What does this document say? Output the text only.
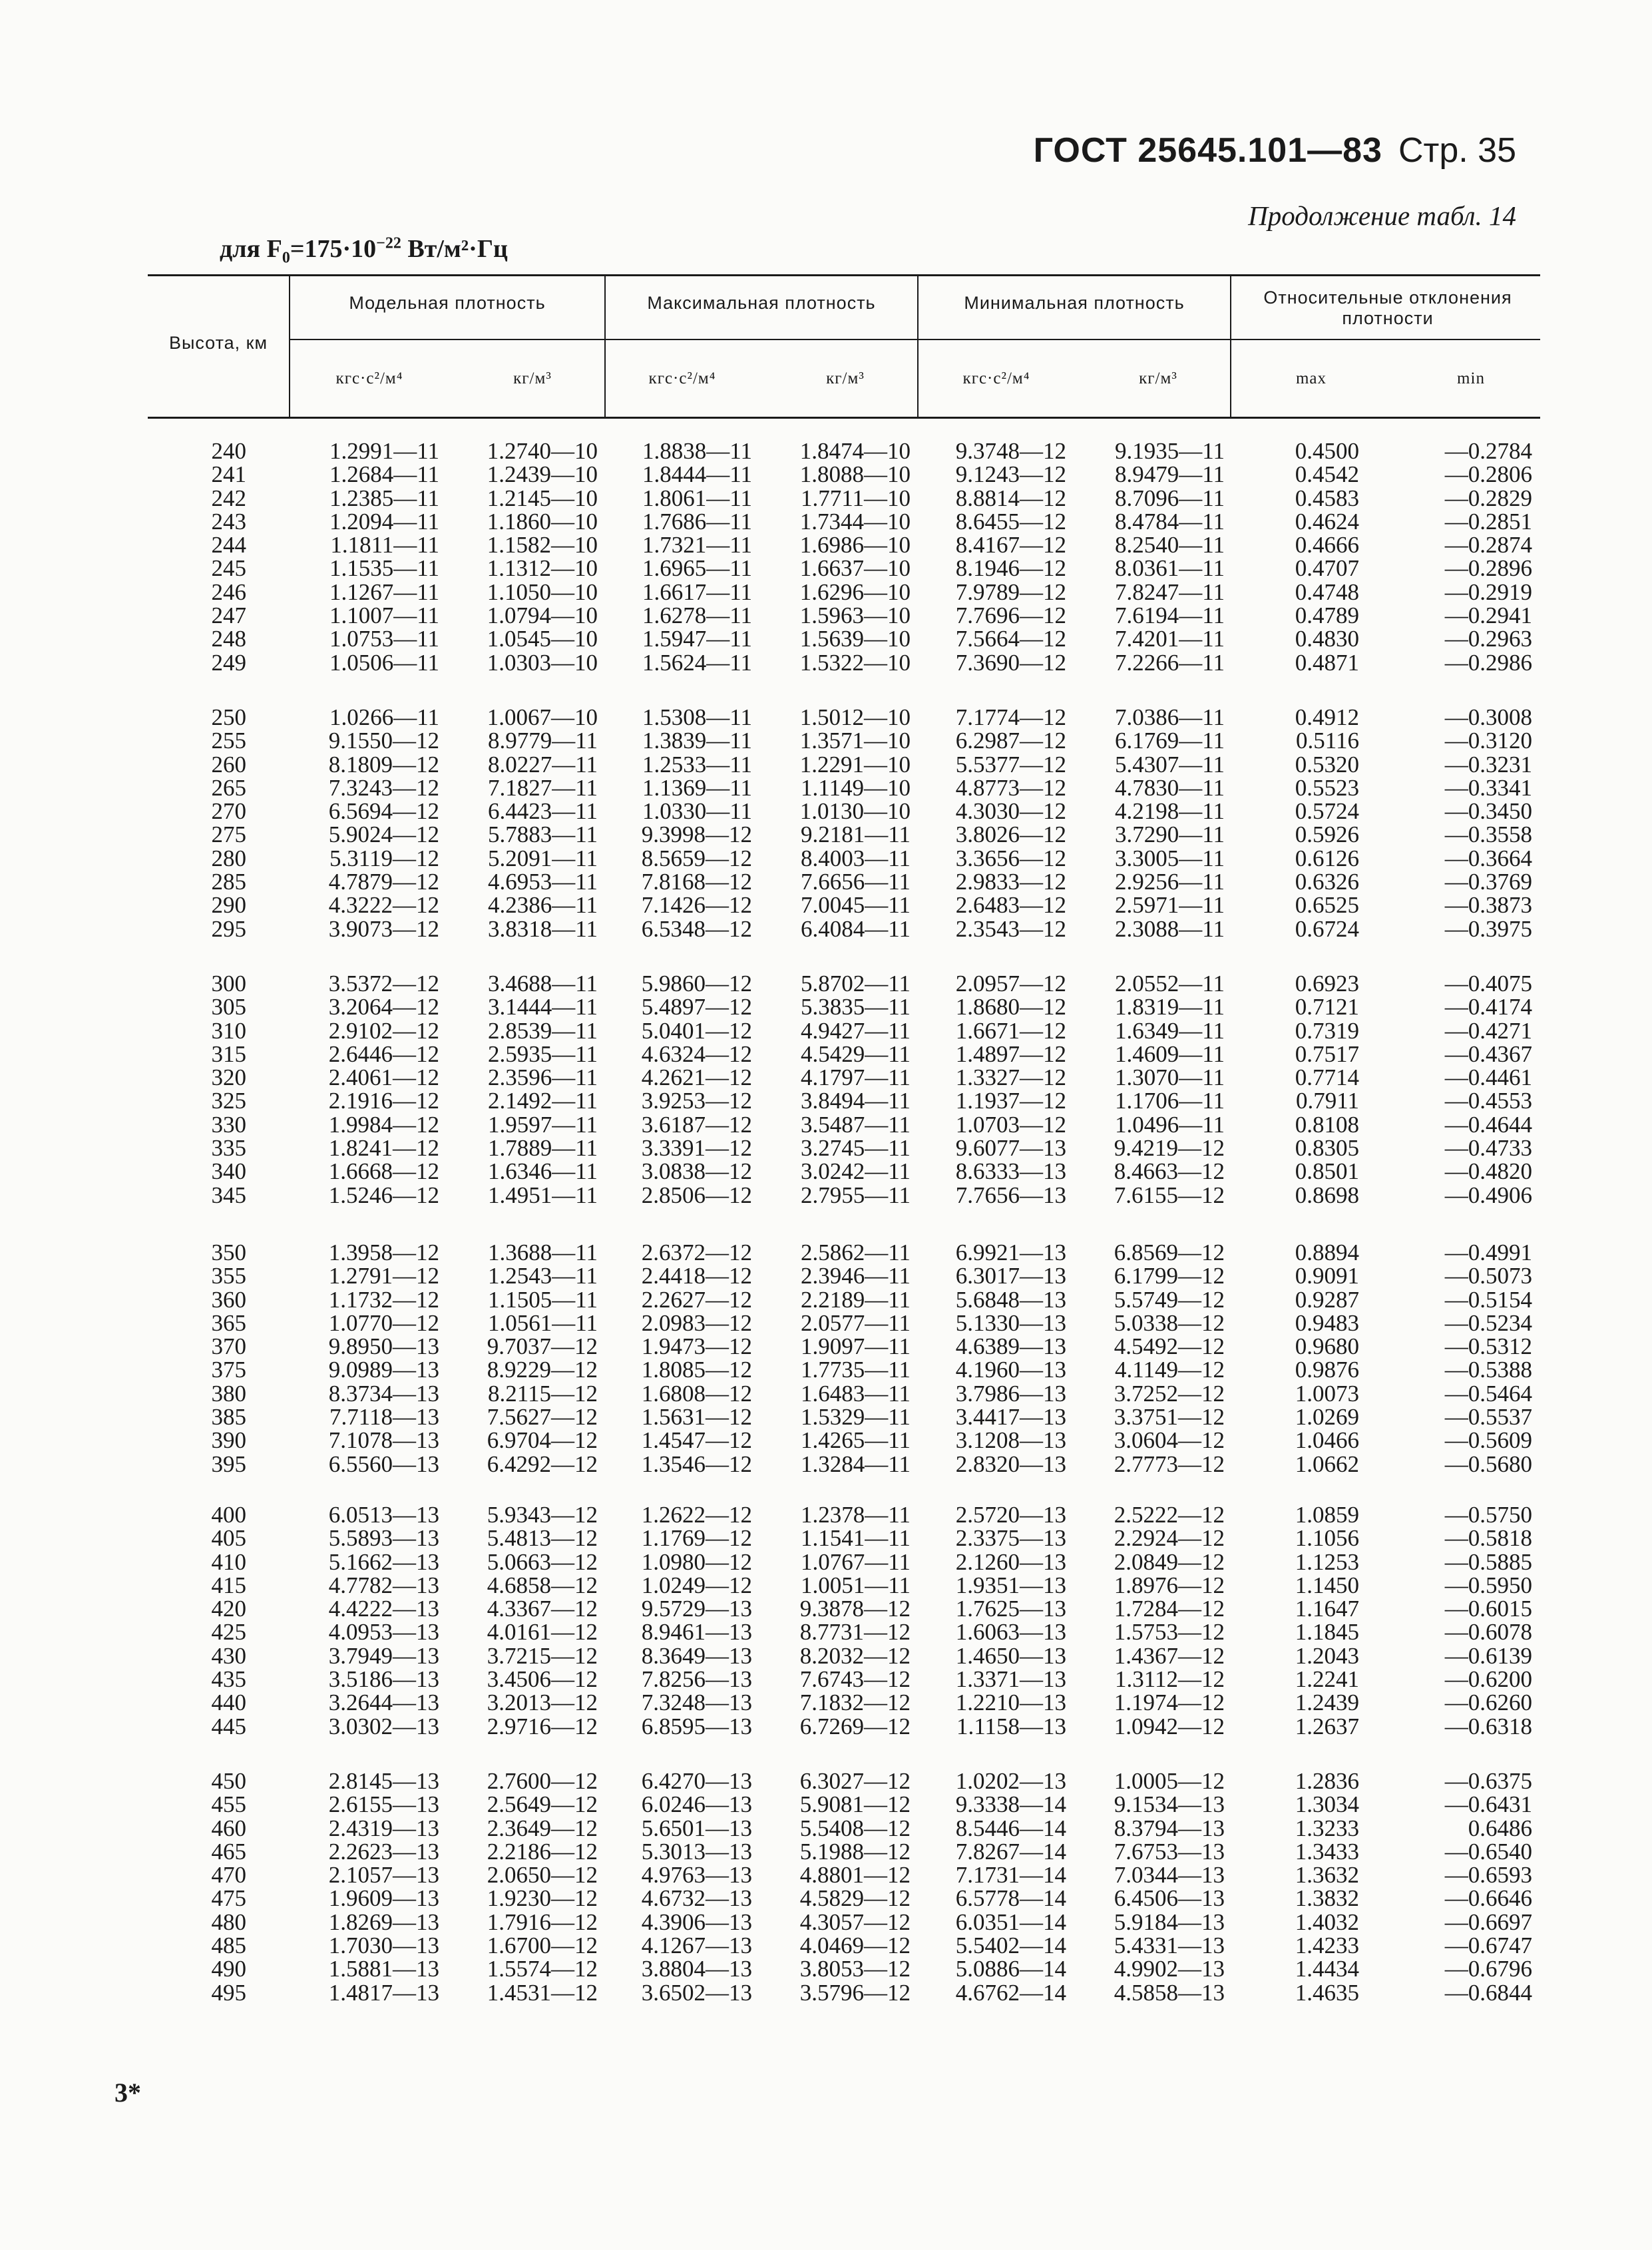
ГОСТ 25645.101—83 Стр. 35
Продолжение табл. 14
для $F_0=175\cdot 10^{-22}$ Вт/м²·Гц
Высота, км
Модельная плотность	Максимальная плотность	Минимальная плотность	Относительные отклонения плотности
кгс·с²/м⁴	кг/м³	кгс·с²/м⁴	кг/м³	кгс·с²/м⁴	кг/м³	max	min
240	1.2991—11 1.2740—10 1.8838—11 1.8474—10 9.3748—12 9.1935—11	0.4500	—0.2784
241	1.2684—11 1.2439—10 1.8444—11 1.8088—10 9.1243—12 8.9479—11	0.4542	—0.2806
242	1.2385—11 1.2145—10 1.8061—11 1.7711—10 8.8814—12 8.7096—11	0.4583	—0.2829
243	1.2094—11 1.1860—10 1.7686—11 1.7344—10 8.6455—12 8.4784—11	0.4624	—0.2851
244	1.1811—11 1.1582—10 1.7321—11 1.6986—10 8.4167—12 8.2540—11	0.4666	—0.2874
245	1.1535—11 1.1312—10 1.6965—11 1.6637—10 8.1946—12 8.0361—11	0.4707	—0.2896
246	1.1267—11 1.1050—10 1.6617—11 1.6296—10 7.9789—12 7.8247—11	0.4748	—0.2919
247	1.1007—11 1.0794—10 1.6278—11 1.5963—10 7.7696—12 7.6194—11	0.4789	—0.2941
248	1.0753—11 1.0545—10 1.5947—11 1.5639—10 7.5664—12 7.4201—11	0.4830	—0.2963
249	1.0506—11 1.0303—10 1.5624—11 1.5322—10 7.3690—12 7.2266—11	0.4871	—0.2986
250	1.0266—11 1.0067—10 1.5308—11 1.5012—10 7.1774—12 7.0386—11	0.4912	—0.3008
255	9.1550—12 8.9779—11 1.3839—11 1.3571—10 6.2987—12 6.1769—11	0.5116	—0.3120
260	8.1809—12 8.0227—11 1.2533—11 1.2291—10 5.5377—12 5.4307—11	0.5320	—0.3231
265	7.3243—12 7.1827—11 1.1369—11 1.1149—10 4.8773—12 4.7830—11	0.5523	—0.3341
270	6.5694—12 6.4423—11 1.0330—11 1.0130—10 4.3030—12 4.2198—11	0.5724	—0.3450
275	5.9024—12 5.7883—11 9.3998—12 9.2181—11 3.8026—12 3.7290—11	0.5926	—0.3558
280	5.3119—12 5.2091—11 8.5659—12 8.4003—11 3.3656—12 3.3005—11	0.6126	—0.3664
285	4.7879—12 4.6953—11 7.8168—12 7.6656—11 2.9833—12 2.9256—11	0.6326	—0.3769
290	4.3222—12 4.2386—11 7.1426—12 7.0045—11 2.6483—12 2.5971—11	0.6525	—0.3873
295	3.9073—12 3.8318—11 6.5348—12 6.4084—11 2.3543—12 2.3088—11	0.6724	—0.3975
300	3.5372—12 3.4688—11 5.9860—12 5.8702—11 2.0957—12 2.0552—11	0.6923	—0.4075
305	3.2064—12 3.1444—11 5.4897—12 5.3835—11 1.8680—12 1.8319—11	0.7121	—0.4174
310	2.9102—12 2.8539—11 5.0401—12 4.9427—11 1.6671—12 1.6349—11	0.7319	—0.4271
315	2.6446—12 2.5935—11 4.6324—12 4.5429—11 1.4897—12 1.4609—11	0.7517	—0.4367
320	2.4061—12 2.3596—11 4.2621—12 4.1797—11 1.3327—12 1.3070—11	0.7714	—0.4461
325	2.1916—12 2.1492—11 3.9253—12 3.8494—11 1.1937—12 1.1706—11	0.7911	—0.4553
330	1.9984—12 1.9597—11 3.6187—12 3.5487—11 1.0703—12 1.0496—11	0.8108	—0.4644
335	1.8241—12 1.7889—11 3.3391—12 3.2745—11 9.6077—13 9.4219—12	0.8305	—0.4733
340	1.6668—12 1.6346—11 3.0838—12 3.0242—11 8.6333—13 8.4663—12	0.8501	—0.4820
345	1.5246—12 1.4951—11 2.8506—12 2.7955—11 7.7656—13 7.6155—12	0.8698	—0.4906
350	1.3958—12 1.3688—11 2.6372—12 2.5862—11 6.9921—13 6.8569—12	0.8894	—0.4991
355	1.2791—12 1.2543—11 2.4418—12 2.3946—11 6.3017—13 6.1799—12	0.9091	—0.5073
360	1.1732—12 1.1505—11 2.2627—12 2.2189—11 5.6848—13 5.5749—12	0.9287	—0.5154
365	1.0770—12 1.0561—11 2.0983—12 2.0577—11 5.1330—13 5.0338—12	0.9483	—0.5234
370	9.8950—13 9.7037—12 1.9473—12 1.9097—11 4.6389—13 4.5492—12	0.9680	—0.5312
375	9.0989—13 8.9229—12 1.8085—12 1.7735—11 4.1960—13 4.1149—12	0.9876	—0.5388
380	8.3734—13 8.2115—12 1.6808—12 1.6483—11 3.7986—13 3.7252—12	1.0073	—0.5464
385	7.7118—13 7.5627—12 1.5631—12 1.5329—11 3.4417—13 3.3751—12	1.0269	—0.5537
390	7.1078—13 6.9704—12 1.4547—12 1.4265—11 3.1208—13 3.0604—12	1.0466	—0.5609
395	6.5560—13 6.4292—12 1.3546—12 1.3284—11 2.8320—13 2.7773—12	1.0662	—0.5680
400	6.0513—13 5.9343—12 1.2622—12 1.2378—11 2.5720—13 2.5222—12	1.0859	—0.5750
405	5.5893—13 5.4813—12 1.1769—12 1.1541—11 2.3375—13 2.2924—12	1.1056	—0.5818
410	5.1662—13 5.0663—12 1.0980—12 1.0767—11 2.1260—13 2.0849—12	1.1253	—0.5885
415	4.7782—13 4.6858—12 1.0249—12 1.0051—11 1.9351—13 1.8976—12	1.1450	—0.5950
420	4.4222—13 4.3367—12 9.5729—13 9.3878—12 1.7625—13 1.7284—12	1.1647	—0.6015
425	4.0953—13 4.0161—12 8.9461—13 8.7731—12 1.6063—13 1.5753—12	1.1845	—0.6078
430	3.7949—13 3.7215—12 8.3649—13 8.2032—12 1.4650—13 1.4367—12	1.2043	—0.6139
435	3.5186—13 3.4506—12 7.8256—13 7.6743—12 1.3371—13 1.3112—12	1.2241	—0.6200
440	3.2644—13 3.2013—12 7.3248—13 7.1832—12 1.2210—13 1.1974—12	1.2439	—0.6260
445	3.0302—13 2.9716—12 6.8595—13 6.7269—12 1.1158—13 1.0942—12	1.2637	—0.6318
450	2.8145—13 2.7600—12 6.4270—13 6.3027—12 1.0202—13 1.0005—12	1.2836	—0.6375
455	2.6155—13 2.5649—12 6.0246—13 5.9081—12 9.3338—14 9.1534—13	1.3034	—0.6431
460	2.4319—13 2.3649—12 5.6501—13 5.5408—12 8.5446—14 8.3794—13	1.3233	0.6486
465	2.2623—13 2.2186—12 5.3013—13 5.1988—12 7.8267—14 7.6753—13	1.3433	—0.6540
470	2.1057—13 2.0650—12 4.9763—13 4.8801—12 7.1731—14 7.0344—13	1.3632	—0.6593
475	1.9609—13 1.9230—12 4.6732—13 4.5829—12 6.5778—14 6.4506—13	1.3832	—0.6646
480	1.8269—13 1.7916—12 4.3906—13 4.3057—12 6.0351—14 5.9184—13	1.4032	—0.6697
485	1.7030—13 1.6700—12 4.1267—13 4.0469—12 5.5402—14 5.4331—13	1.4233	—0.6747
490	1.5881—13 1.5574—12 3.8804—13 3.8053—12 5.0886—14 4.9902—13	1.4434	—0.6796
495	1.4817—13 1.4531—12 3.6502—13 3.5796—12 4.6762—14 4.5858—13	1.4635	—0.6844
3*
